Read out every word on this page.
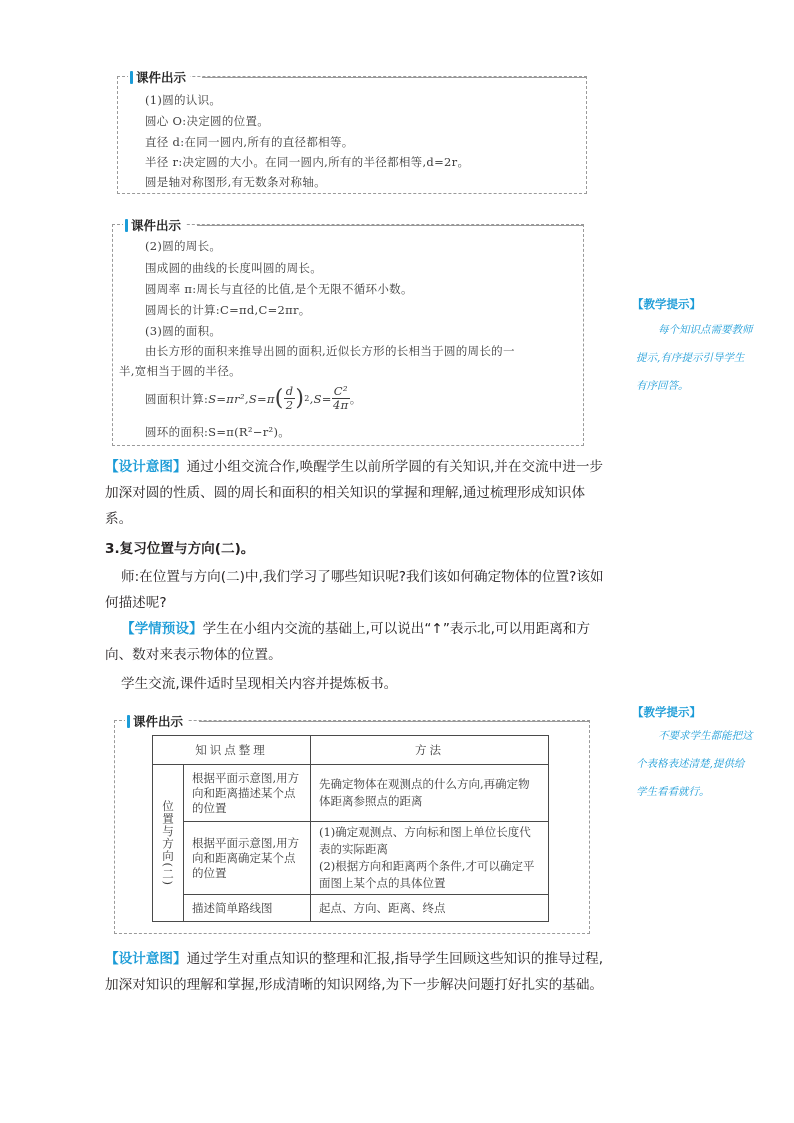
课件出示
(1)圆的认识。
圆心 O:决定圆的位置。
直径 d:在同一圆内,所有的直径都相等。
半径 r:决定圆的大小。在同一圆内,所有的半径都相等,d=2r。
圆是轴对称图形,有无数条对称轴。
课件出示
(2)圆的周长。
围成圆的曲线的长度叫圆的周长。
圆周率 π:周长与直径的比值,是个无限不循环小数。
圆周长的计算:C=πd,C=2πr。
(3)圆的面积。
由长方形的面积来推导出圆的面积,近似长方形的长相当于圆的周长的一
半,宽相当于圆的半径。
圆面积计算: S=πr²,S=π ( $\frac{d}{2}$ ) 2 $,S= \frac{\text{C²}}{4\pi}$ 。
圆环的面积:S=π(R²−r²)。
【教学提示】
每个知识点需要教师提示,有序提示引导学生有序回答。
【设计意图】通过小组交流合作,唤醒学生以前所学圆的有关知识,并在交流中进一步加深对圆的性质、圆的周长和面积的相关知识的掌握和理解,通过梳理形成知识体系。
3.复习位置与方向(二)。
师:在位置与方向(二)中,我们学习了哪些知识呢?我们该如何确定物体的位置?该如何描述呢?
【学情预设】学生在小组内交流的基础上,可以说出“↑”表示北,可以用距离和方向、数对来表示物体的位置。
学生交流,课件适时呈现相关内容并提炼板书。
课件出示
知识点整理		方法
位置与方向(二)	根据平面示意图,用方向和距离描述某个点的位置	先确定物体在观测点的什么方向,再确定物体距离参照点的距离
	根据平面示意图,用方向和距离确定某个点的位置	(1)确定观测点、方向标和图上单位长度代表的实际距离
(2)根据方向和距离两个条件,才可以确定平面图上某个点的具体位置
	描述简单路线图	起点、方向、距离、终点
【教学提示】
不要求学生都能把这个表格表述清楚,提供给学生看看就行。
【设计意图】通过学生对重点知识的整理和汇报,指导学生回顾这些知识的推导过程,加深对知识的理解和掌握,形成清晰的知识网络,为下一步解决问题打好扎实的基础。
